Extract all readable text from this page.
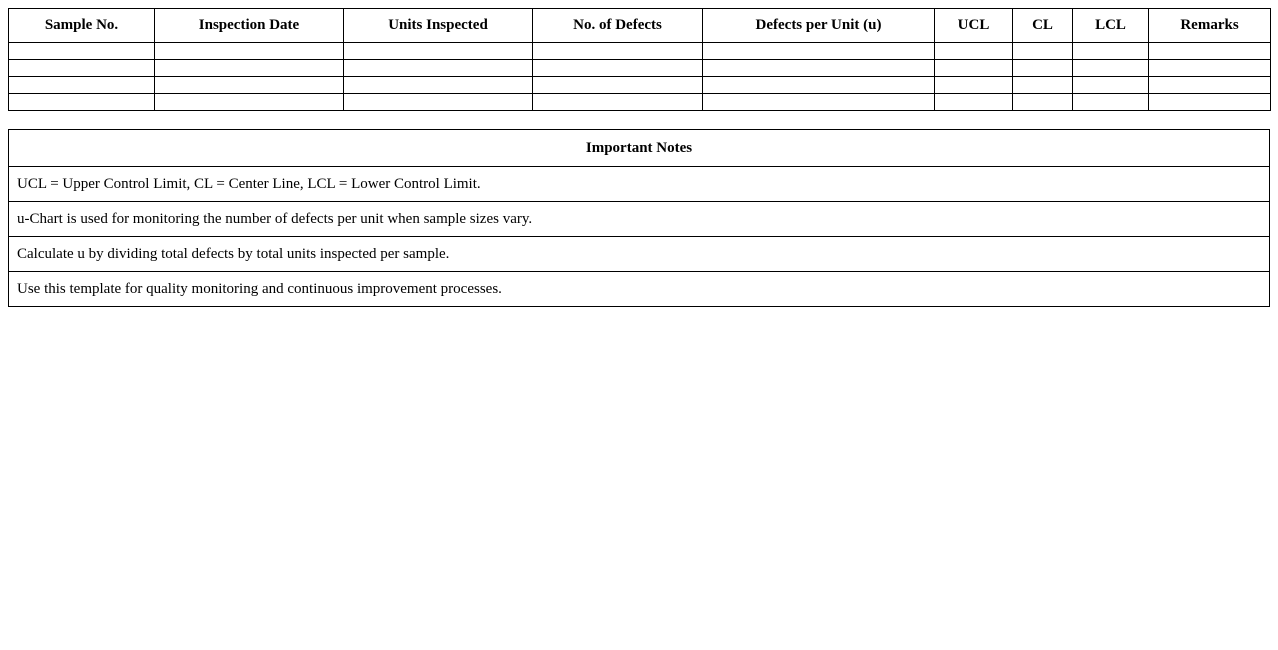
Sample No.	Inspection Date	Units Inspected	No. of Defects	Defects per Unit (u)	UCL	CL	LCL	Remarks

Important Notes
UCL = Upper Control Limit, CL = Center Line, LCL = Lower Control Limit.
u-Chart is used for monitoring the number of defects per unit when sample sizes vary.
Calculate u by dividing total defects by total units inspected per sample.
Use this template for quality monitoring and continuous improvement processes.
